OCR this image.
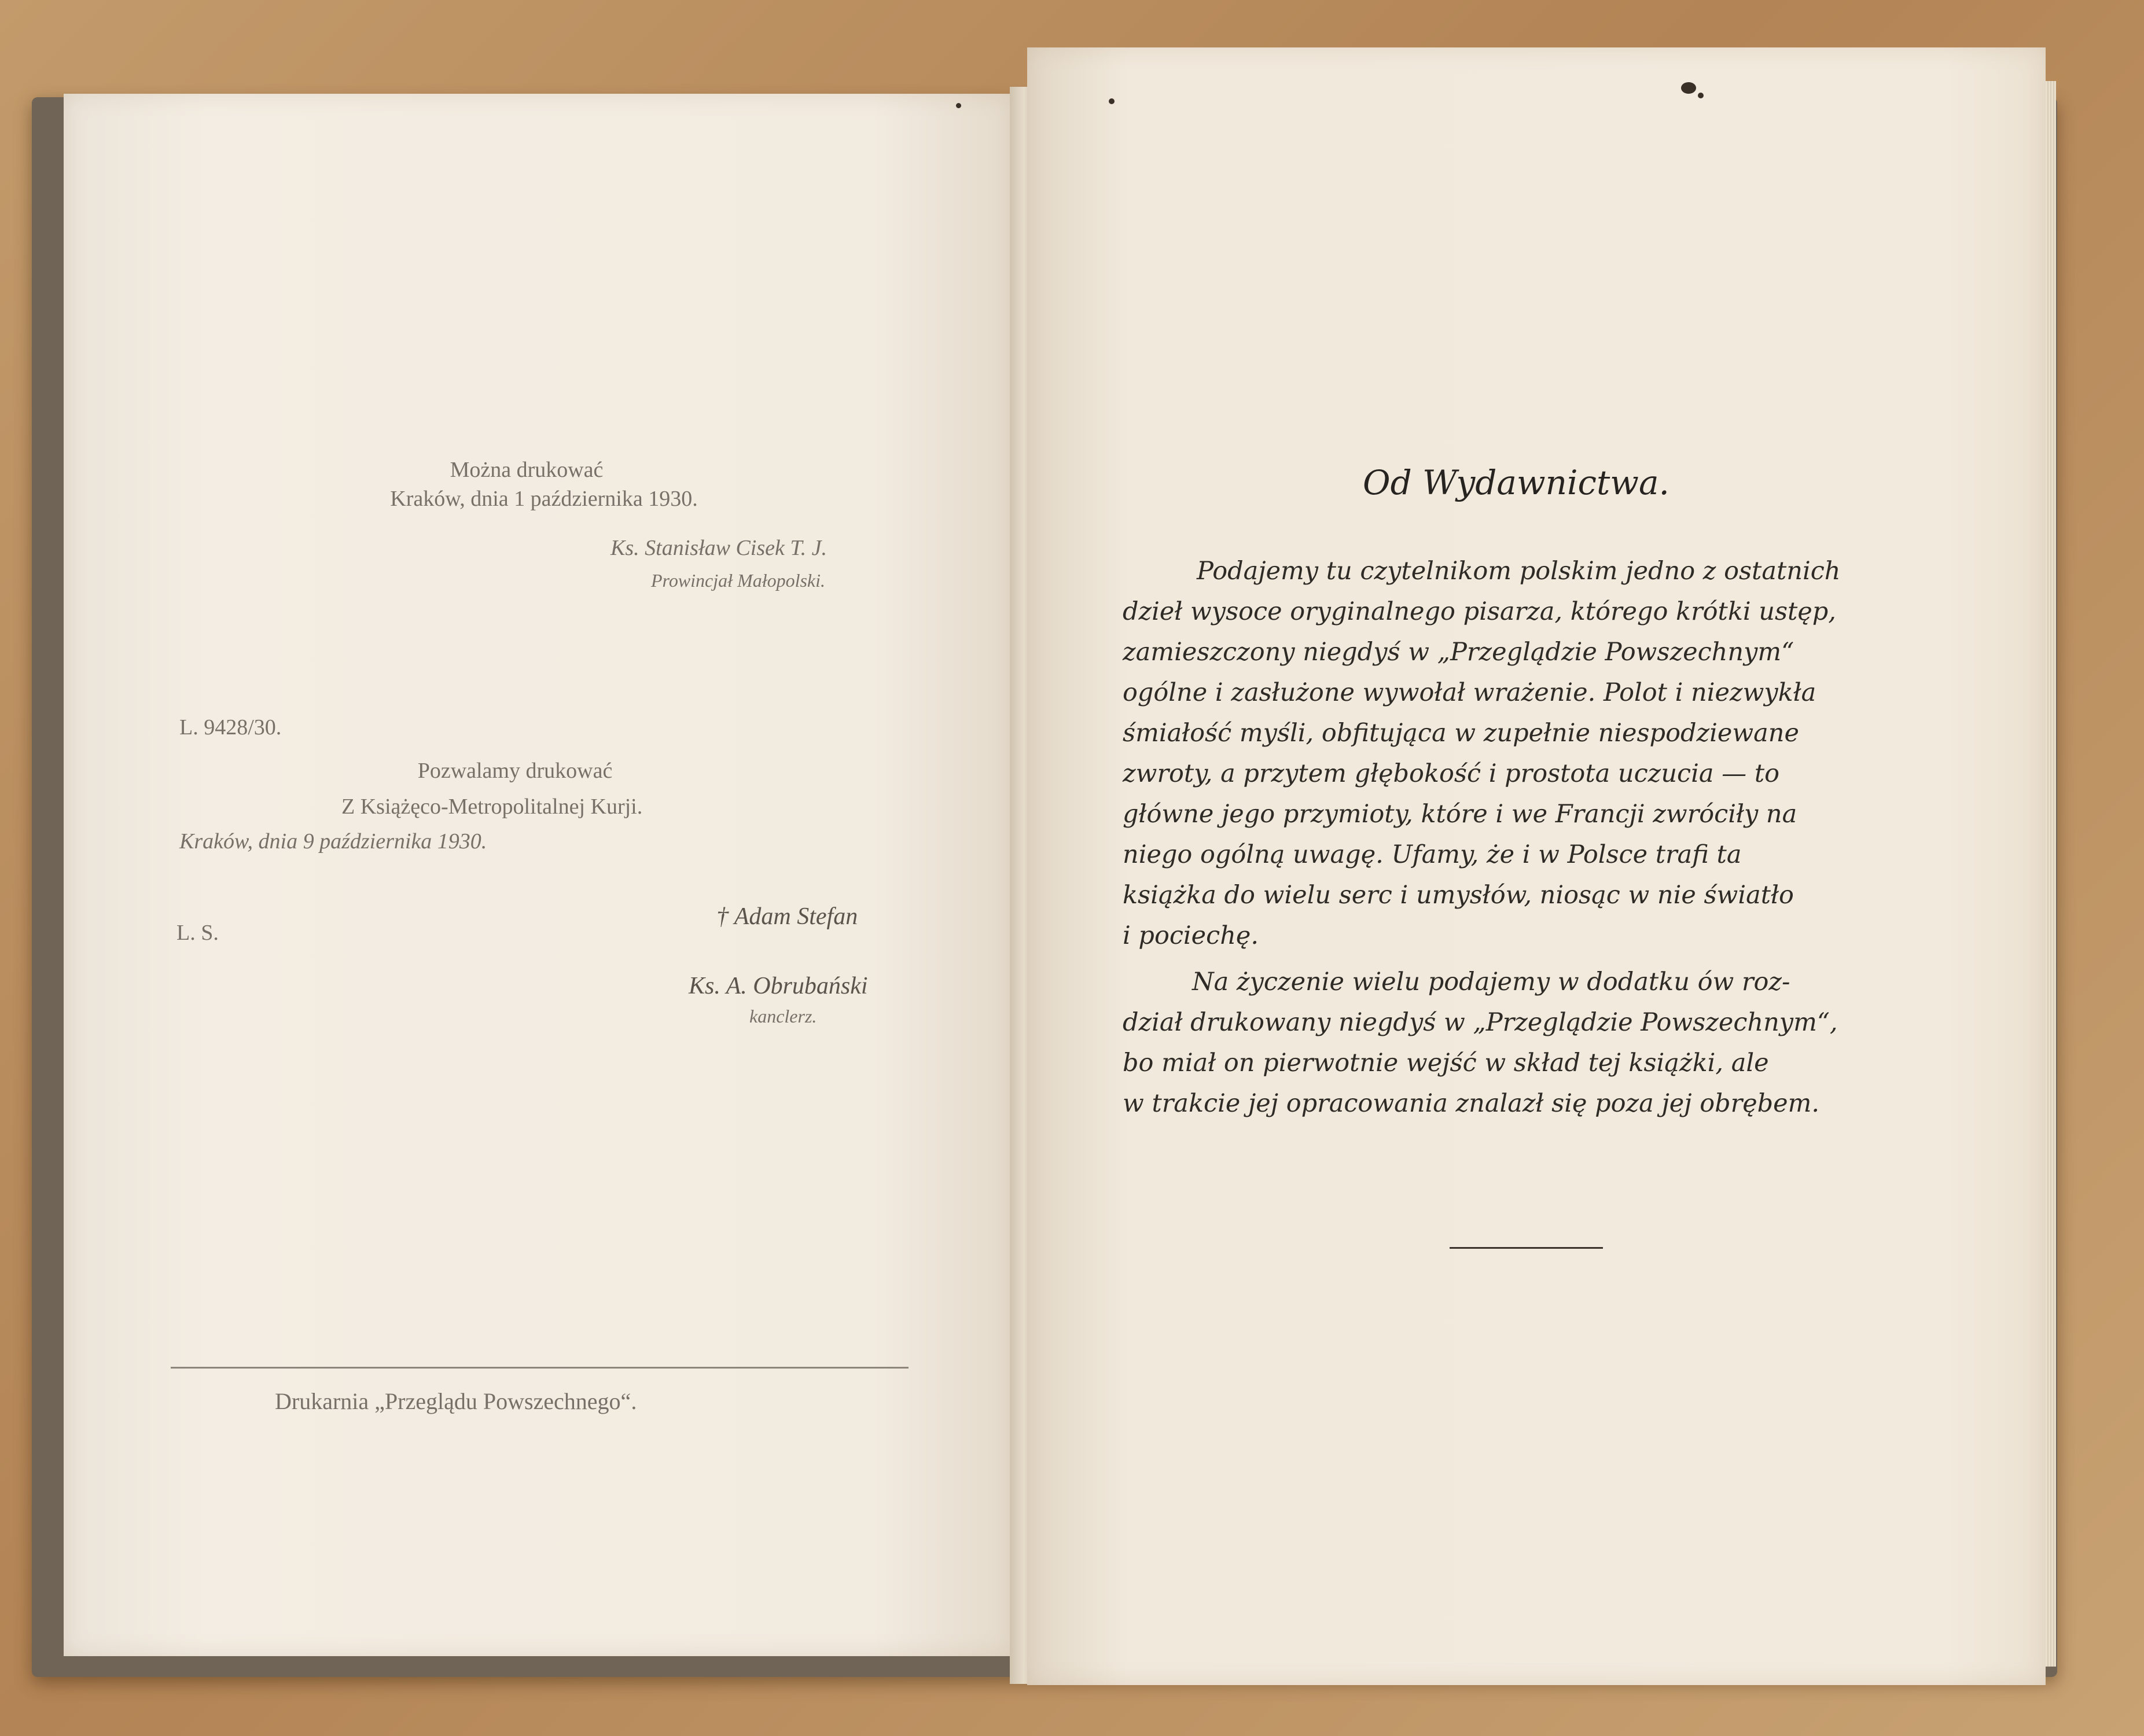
Można drukować
Kraków, dnia 1 października 1930.
Ks. Stanisław Cisek T. J.
Prowincjał Małopolski.
L. 9428/30.
Pozwalamy drukować
Z Książęco-Metropolitalnej Kurji.
Kraków, dnia 9 października 1930.
† Adam Stefan
L. S.
Ks. A. Obrubański
kanclerz.
Drukarnia „Przeglądu Powszechnego“.
Od Wydawnictwa.
Podajemy tu czytelnikom polskim jedno z ostatnich
dzieł wysoce oryginalnego pisarza, którego krótki ustęp,
zamieszczony niegdyś w „Przeglądzie Powszechnym“
ogólne i zasłużone wywołał wrażenie. Polot i niezwykła
śmiałość myśli, obfitująca w zupełnie niespodziewane
zwroty, a przytem głębokość i prostota uczucia — to
główne jego przymioty, które i we Francji zwróciły na
niego ogólną uwagę. Ufamy, że i w Polsce trafi ta
książka do wielu serc i umysłów, niosąc w nie światło
i pociechę.
Na życzenie wielu podajemy w dodatku ów roz-
dział drukowany niegdyś w „Przeglądzie Powszechnym“,
bo miał on pierwotnie wejść w skład tej książki, ale
w trakcie jej opracowania znalazł się poza jej obrębem.
